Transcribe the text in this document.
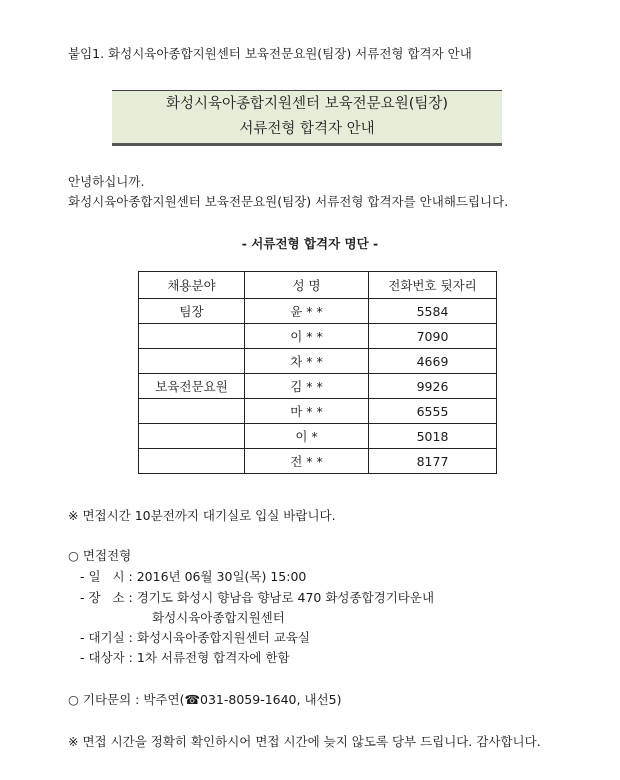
붙임1. 화성시육아종합지원센터 보육전문요원(팀장) 서류전형 합격자 안내
화성시육아종합지원센터 보육전문요원(팀장)
서류전형 합격자 안내
안녕하십니까.
화성시육아종합지원센터 보육전문요원(팀장) 서류전형 합격자를 안내해드립니다.
- 서류전형 합격자 명단 -
채용분야	성 명	전화번호 뒷자리
팀장	윤 * *	5584
	이 * *	7090
	차 * *	4669
보육전문요원	김 * *	9926
	마 * *	6555
	이 *	5018
	전 * *	8177
※ 면접시간 10분전까지 대기실로 입실 바랍니다.
○ 면접전형
- 일   시 : 2016년 06월 30일(목) 15:00
- 장   소 : 경기도 화성시 향남읍 향남로 470 화성종합경기타운내
화성시육아종합지원센터
- 대기실 : 화성시육아종합지원센터 교육실
- 대상자 : 1차 서류전형 합격자에 한함
○ 기타문의 : 박주연(☎031-8059-1640, 내선5)
※ 면접 시간을 정확히 확인하시어 면접 시간에 늦지 않도록 당부 드립니다. 감사합니다.
